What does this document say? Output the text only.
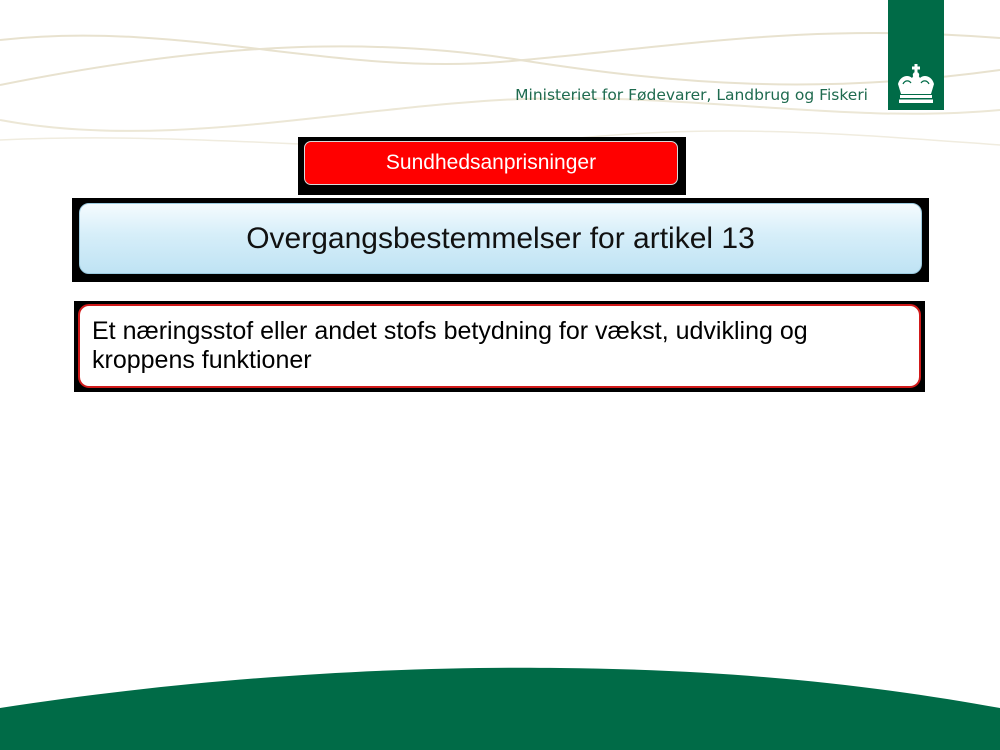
Ministeriet for Fødevarer, Landbrug og Fiskeri
Sundhedsanprisninger
Overgangsbestemmelser for artikel 13
Et næringsstof eller andet stofs betydning for vækst, udvikling og kroppens funktioner
